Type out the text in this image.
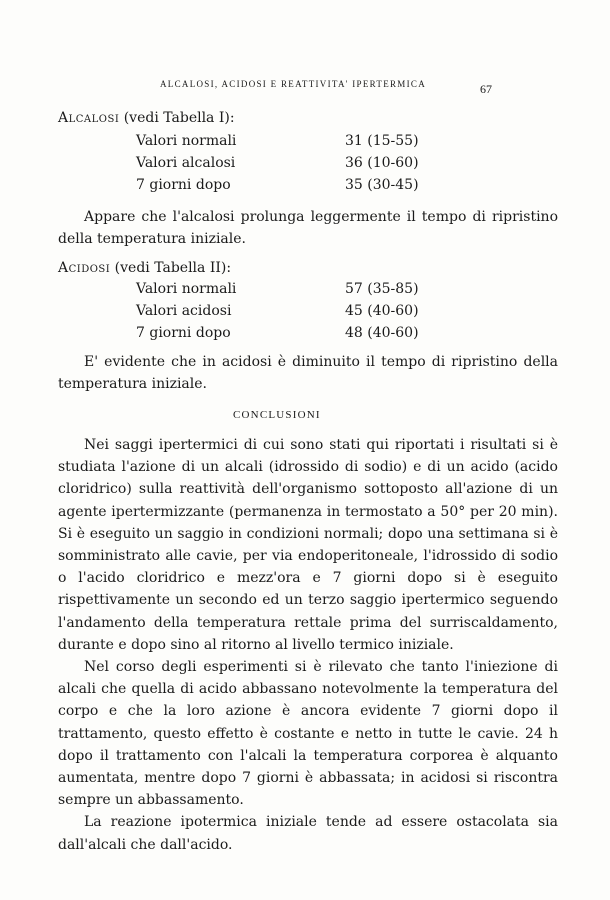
ALCALOSI, ACIDOSI E REATTIVITA' IPERTERMICA	67
Alcalosi (vedi Tabella I):
Valori normali	31 (15-55)
Valori alcalosi	36 (10-60)
7 giorni dopo	35 (30-45)

Appare che l'alcalosi prolunga leggermente il tempo di ripristino della temperatura iniziale.

Acidosi (vedi Tabella II):
Valori normali	57 (35-85)
Valori acidosi	45 (40-60)
7 giorni dopo	48 (40-60)

E' evidente che in acidosi è diminuito il tempo di ripristino della temperatura iniziale.

CONCLUSIONI

Nei saggi ipertermici di cui sono stati qui riportati i risultati si è studiata l'azione di un alcali (idrossido di sodio) e di un acido (acido cloridrico) sulla reattività dell'organismo sottoposto all'azione di un agente ipertermizzante (permanenza in termostato a 50° per 20 min). Si è eseguito un saggio in condizioni normali; dopo una settimana si è somministrato alle cavie, per via endoperitoneale, l'idrossido di sodio o l'acido cloridrico e mezz'ora e 7 giorni dopo si è eseguito rispettivamente un secondo ed un terzo saggio ipertermico seguendo l'andamento della temperatura rettale prima del surriscaldamento, durante e dopo sino al ritorno al livello termico iniziale.

Nel corso degli esperimenti si è rilevato che tanto l'iniezione di alcali che quella di acido abbassano notevolmente la temperatura del corpo e che la loro azione è ancora evidente 7 giorni dopo il trattamento, questo effetto è costante e netto in tutte le cavie. 24 h dopo il trattamento con l'alcali la temperatura corporea è alquanto aumentata, mentre dopo 7 giorni è abbassata; in acidosi si riscontra sempre un abbassamento.

La reazione ipotermica iniziale tende ad essere ostacolata sia dall'alcali che dall'acido.
